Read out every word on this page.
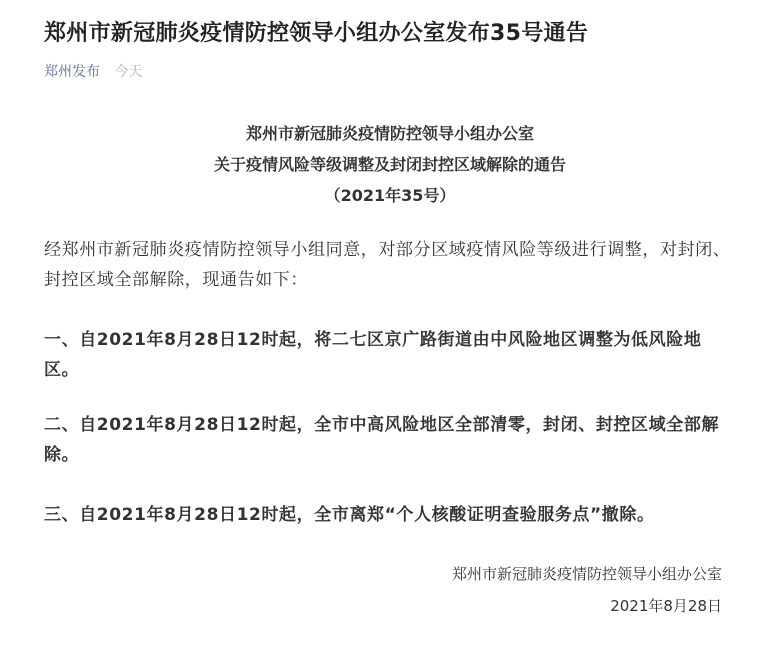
郑州市新冠肺炎疫情防控领导小组办公室发布35号通告
郑州发布 今天
郑州市新冠肺炎疫情防控领导小组办公室
关于疫情风险等级调整及封闭封控区域解除的通告
（2021年35号）

经郑州市新冠肺炎疫情防控领导小组同意，对部分区域疫情风险等级进行调整，对封闭、封控区域全部解除，现通告如下：

一、自2021年8月28日12时起，将二七区京广路街道由中风险地区调整为低风险地区。

二、自2021年8月28日12时起，全市中高风险地区全部清零，封闭、封控区域全部解除。

三、自2021年8月28日12时起，全市离郑“个人核酸证明查验服务点”撤除。

郑州市新冠肺炎疫情防控领导小组办公室
2021年8月28日
